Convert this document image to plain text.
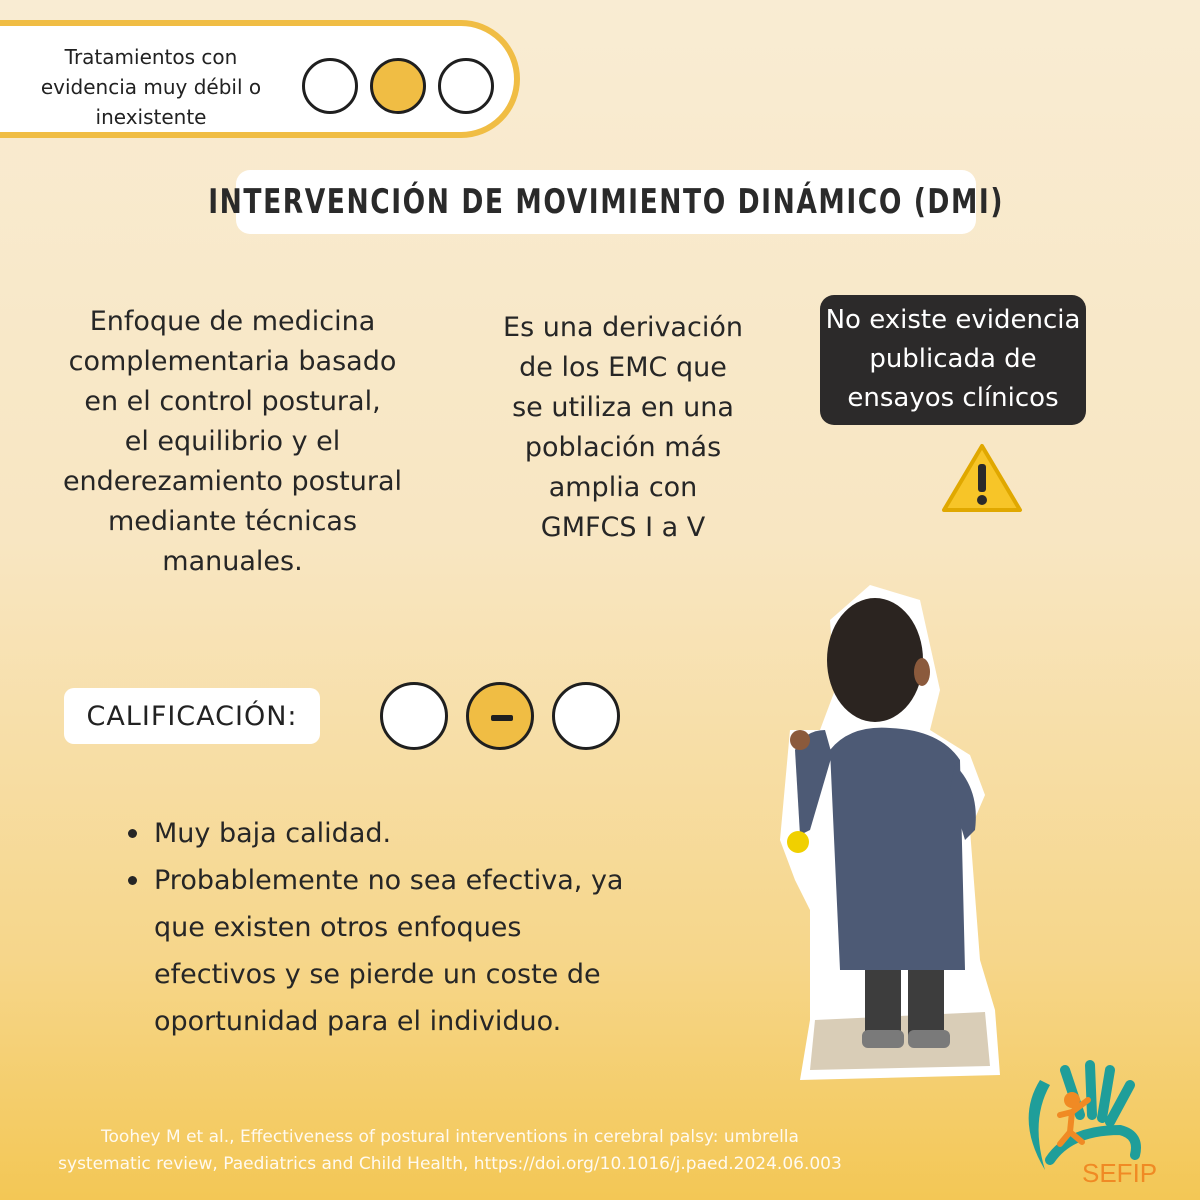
Tratamientos con
evidencia muy débil o
inexistente
INTERVENCIÓN DE MOVIMIENTO DINÁMICO (DMI)
Enfoque de medicina
complementaria basado
en el control postural,
el equilibrio y el
enderezamiento postural
mediante técnicas
manuales.
Es una derivación
de los EMC que
se utiliza en una
población más
amplia con
GMFCS I a V
No existe evidencia
publicada de
ensayos clínicos
CALIFICACIÓN:
Muy baja calidad.
Probablemente no sea efectiva, ya que existen otros enfoques efectivos y se pierde un coste de oportunidad para el individuo.
Toohey M et al., Effectiveness of postural interventions in cerebral palsy: umbrella
systematic review, Paediatrics and Child Health, https://doi.org/10.1016/j.paed.2024.06.003	SEFIP
